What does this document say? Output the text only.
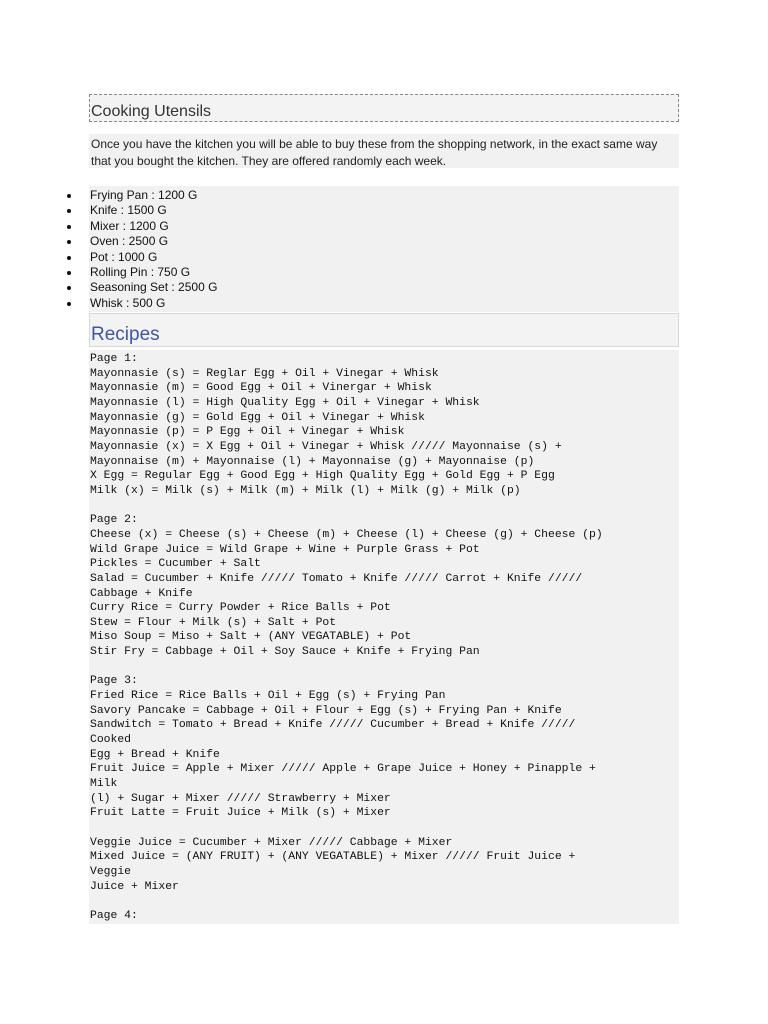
Cooking Utensils
Once you have the kitchen you will be able to buy these from the shopping network, in the exact same way that you bought the kitchen. They are offered randomly each week.
Frying Pan : 1200 G
Knife : 1500 G
Mixer : 1200 G
Oven : 2500 G
Pot : 1000 G
Rolling Pin : 750 G
Seasoning Set : 2500 G
Whisk : 500 G
Recipes
Page 1:
Mayonnasie (s) = Reglar Egg + Oil + Vinegar + Whisk
Mayonnasie (m) = Good Egg + Oil + Vinergar + Whisk
Mayonnasie (l) = High Quality Egg + Oil + Vinegar + Whisk
Mayonnasie (g) = Gold Egg + Oil + Vinegar + Whisk
Mayonnasie (p) = P Egg + Oil + Vinegar + Whisk
Mayonnasie (x) = X Egg + Oil + Vinegar + Whisk ///// Mayonnaise (s) +
Mayonnaise (m) + Mayonnaise (l) + Mayonnaise (g) + Mayonnaise (p)
X Egg = Regular Egg + Good Egg + High Quality Egg + Gold Egg + P Egg
Milk (x) = Milk (s) + Milk (m) + Milk (l) + Milk (g) + Milk (p)

Page 2:
Cheese (x) = Cheese (s) + Cheese (m) + Cheese (l) + Cheese (g) + Cheese (p)
Wild Grape Juice = Wild Grape + Wine + Purple Grass + Pot
Pickles = Cucumber + Salt
Salad = Cucumber + Knife ///// Tomato + Knife ///// Carrot + Knife /////
Cabbage + Knife
Curry Rice = Curry Powder + Rice Balls + Pot
Stew = Flour + Milk (s) + Salt + Pot
Miso Soup = Miso + Salt + (ANY VEGATABLE) + Pot
Stir Fry = Cabbage + Oil + Soy Sauce + Knife + Frying Pan

Page 3:
Fried Rice = Rice Balls + Oil + Egg (s) + Frying Pan
Savory Pancake = Cabbage + Oil + Flour + Egg (s) + Frying Pan + Knife
Sandwitch = Tomato + Bread + Knife ///// Cucumber + Bread + Knife /////
Cooked
Egg + Bread + Knife
Fruit Juice = Apple + Mixer ///// Apple + Grape Juice + Honey + Pinapple +
Milk
(l) + Sugar + Mixer ///// Strawberry + Mixer
Fruit Latte = Fruit Juice + Milk (s) + Mixer

Veggie Juice = Cucumber + Mixer ///// Cabbage + Mixer
Mixed Juice = (ANY FRUIT) + (ANY VEGATABLE) + Mixer ///// Fruit Juice +
Veggie
Juice + Mixer

Page 4:
